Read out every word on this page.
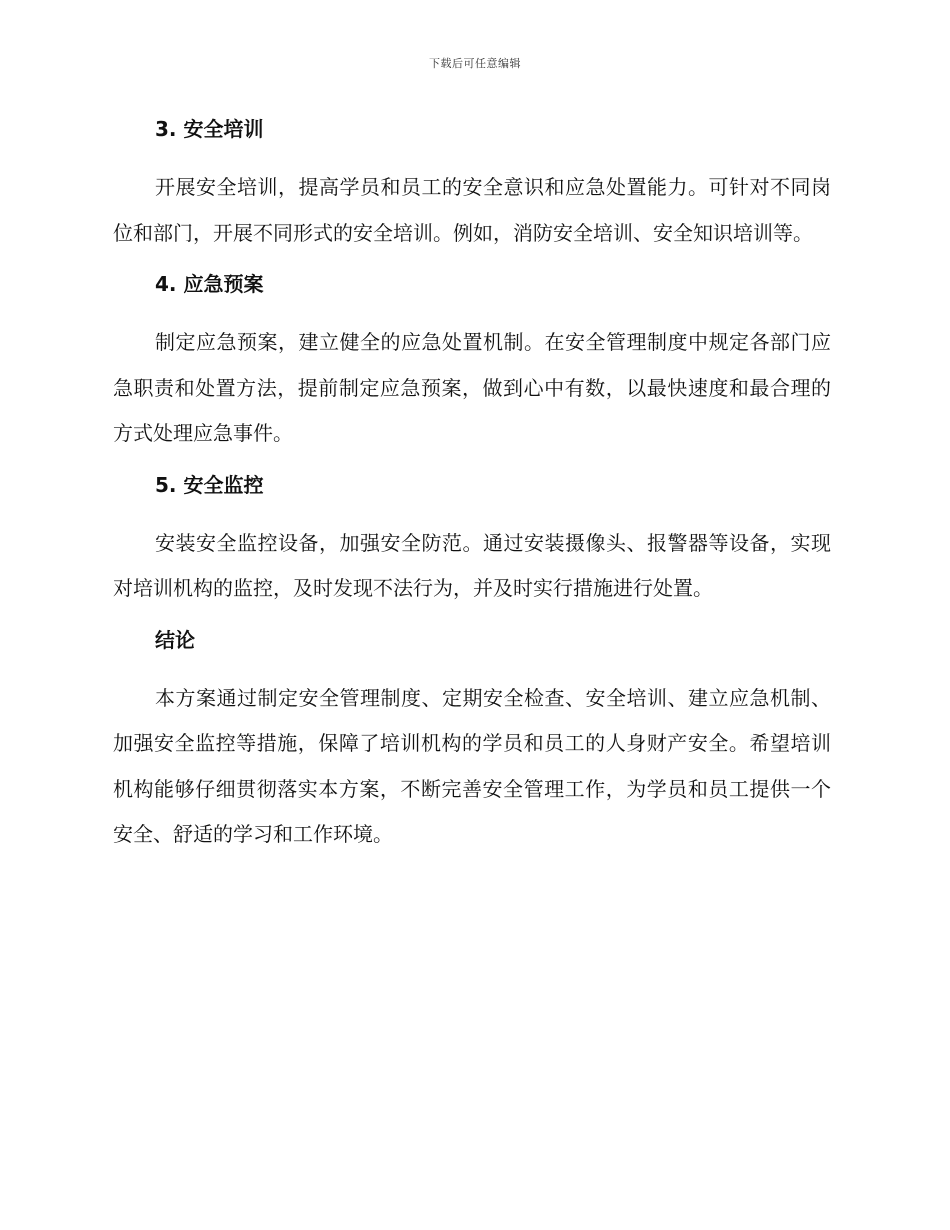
下载后可任意编辑
3. 安全培训

开展安全培训，提高学员和员工的安全意识和应急处置能力。可针对不同岗位和部门，开展不同形式的安全培训。例如，消防安全培训、安全知识培训等。

4. 应急预案

制定应急预案，建立健全的应急处置机制。在安全管理制度中规定各部门应急职责和处置方法，提前制定应急预案，做到心中有数，以最快速度和最合理的方式处理应急事件。

5. 安全监控

安装安全监控设备，加强安全防范。通过安装摄像头、报警器等设备，实现对培训机构的监控，及时发现不法行为，并及时实行措施进行处置。

结论

本方案通过制定安全管理制度、定期安全检查、安全培训、建立应急机制、加强安全监控等措施，保障了培训机构的学员和员工的人身财产安全。希望培训机构能够仔细贯彻落实本方案，不断完善安全管理工作，为学员和员工提供一个安全、舒适的学习和工作环境。
